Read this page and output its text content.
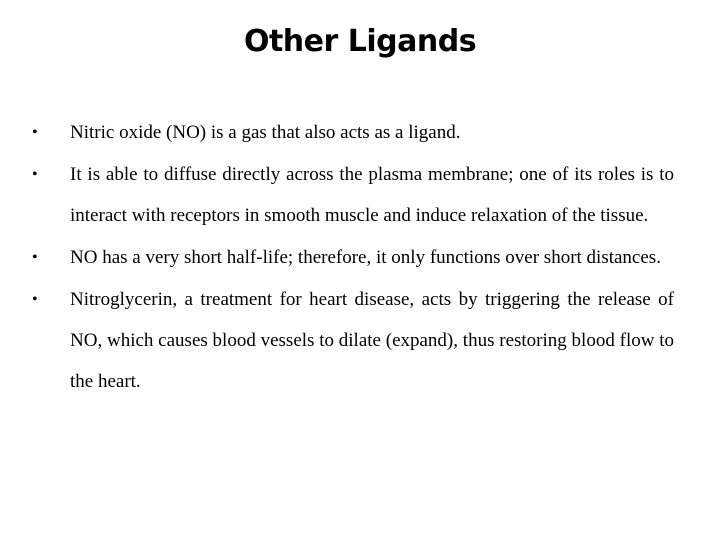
Other Ligands
•	Nitric oxide (NO) is a gas that also acts as a ligand.
•	It is able to diffuse directly across the plasma membrane; one of its roles is to interact with receptors in smooth muscle and induce relaxation of the tissue.
•	NO has a very short half-life; therefore, it only functions over short distances.
•	Nitroglycerin, a treatment for heart disease, acts by triggering the release of NO, which causes blood vessels to dilate (expand), thus restoring blood flow to the heart.
